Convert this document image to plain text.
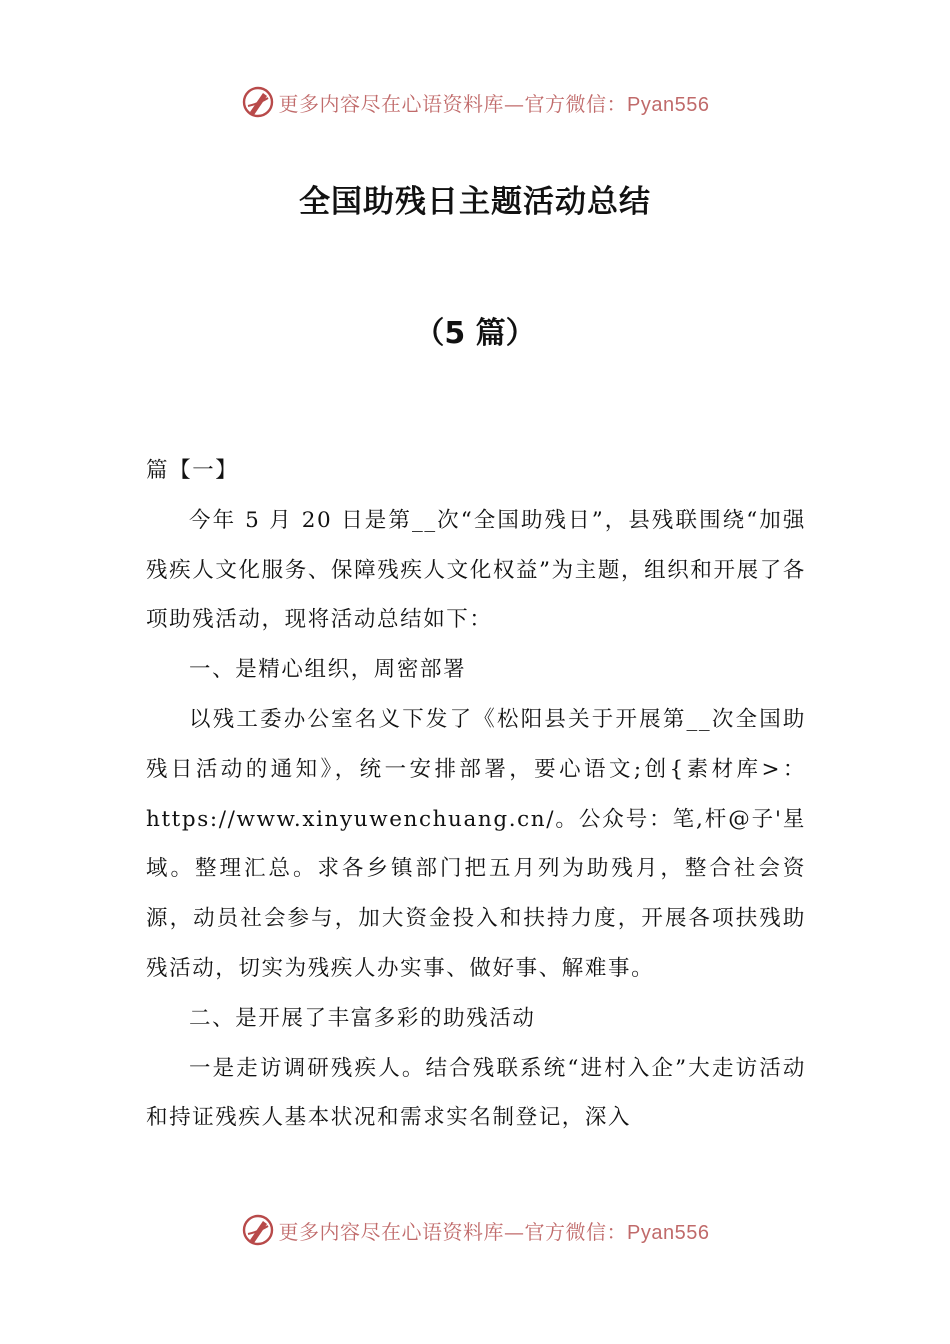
更多内容尽在心语资料库—官方微信：Pyan556
全国助残日主题活动总结
（5 篇）

篇【一】

今年 5 月 20 日是第__次“全国助残日”，县残联围绕“加强残疾人文化服务、保障残疾人文化权益”为主题，组织和开展了各项助残活动，现将活动总结如下：

一、是精心组织，周密部署

以残工委办公室名义下发了《松阳县关于开展第__次全国助残日活动的通知》，统一安排部署，要心语文;创{素材库>：https://www.xinyuwenchuang.cn/。公众号：笔,杆@子'星域。整理汇总。求各乡镇部门把五月列为助残月，整合社会资源，动员社会参与，加大资金投入和扶持力度，开展各项扶残助残活动，切实为残疾人办实事、做好事、解难事。

二、是开展了丰富多彩的助残活动

一是走访调研残疾人。结合残联系统“进村入企”大走访活动和持证残疾人基本状况和需求实名制登记，深入

更多内容尽在心语资料库—官方微信：Pyan556
